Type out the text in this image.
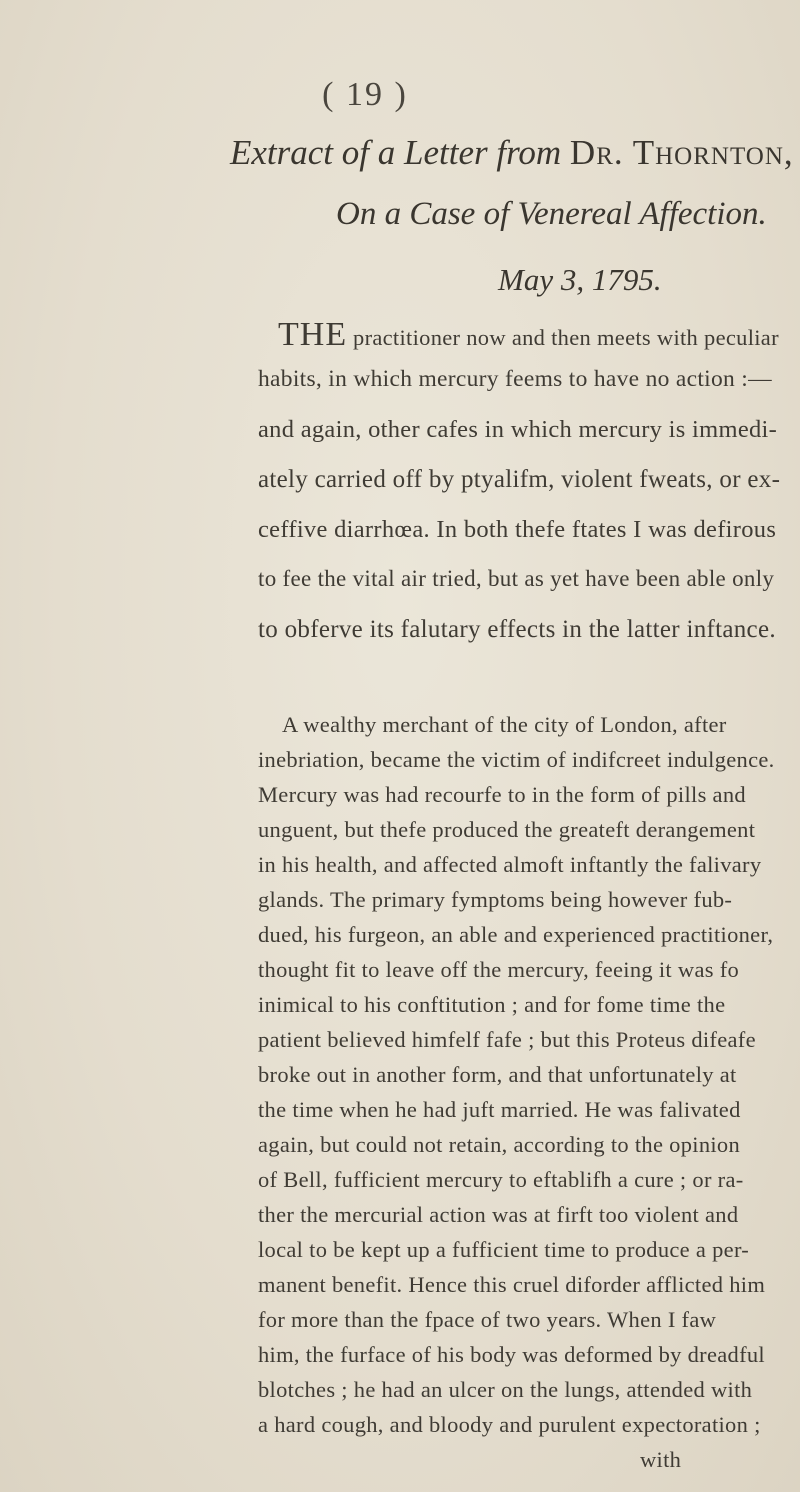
( 19 )
Extract of a Letter from Dr. Thornton,
On a Case of Venereal Affection.
May 3, 1795.
THE practitioner now and then meets with peculiar
habits, in which mercury feems to have no action :—
and again, other cafes in which mercury is immedi-
ately carried off by ptyalifm, violent fweats, or ex-
ceffive diarrhœa. In both thefe ftates I was defirous
to fee the vital air tried, but as yet have been able only
to obferve its falutary effects in the latter inftance.
A wealthy merchant of the city of London, after
inebriation, became the victim of indifcreet indulgence.
Mercury was had recourfe to in the form of pills and
unguent, but thefe produced the greateft derangement
in his health, and affected almoft inftantly the falivary
glands. The primary fymptoms being however fub-
dued, his furgeon, an able and experienced practitioner,
thought fit to leave off the mercury, feeing it was fo
inimical to his conftitution ; and for fome time the
patient believed himfelf fafe ; but this Proteus difeafe
broke out in another form, and that unfortunately at
the time when he had juft married. He was falivated
again, but could not retain, according to the opinion
of Bell, fufficient mercury to eftablifh a cure ; or ra-
ther the mercurial action was at firft too violent and
local to be kept up a fufficient time to produce a per-
manent benefit. Hence this cruel diforder afflicted him
for more than the fpace of two years. When I faw
him, the furface of his body was deformed by dreadful
blotches ; he had an ulcer on the lungs, attended with
a hard cough, and bloody and purulent expectoration ;
with
